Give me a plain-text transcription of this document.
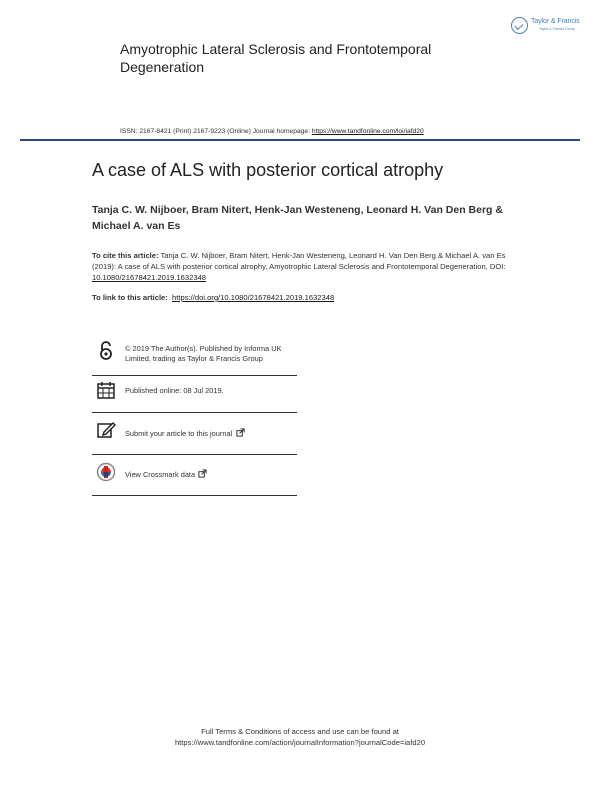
Taylor & Francis
Taylor & Francis Group
Amyotrophic Lateral Sclerosis and Frontotemporal Degeneration
ISSN: 2167-8421 (Print) 2167-9223 (Online) Journal homepage: https://www.tandfonline.com/loi/iafd20
A case of ALS with posterior cortical atrophy
Tanja C. W. Nijboer, Bram Nitert, Henk-Jan Westeneng, Leonard H. Van Den Berg & Michael A. van Es
To cite this article: Tanja C. W. Nijboer, Bram Nitert, Henk-Jan Westeneng, Leonard H. Van Den Berg & Michael A. van Es (2019): A case of ALS with posterior cortical atrophy, Amyotrophic Lateral Sclerosis and Frontotemporal Degeneration, DOI: 10.1080/21678421.2019.1632348
To link to this article: https://doi.org/10.1080/21678421.2019.1632348
© 2019 The Author(s). Published by Informa UK Limited, trading as Taylor & Francis Group
Published online: 08 Jul 2019.
Submit your article to this journal
View Crossmark data
Full Terms & Conditions of access and use can be found at
https://www.tandfonline.com/action/journalInformation?journalCode=iafd20
